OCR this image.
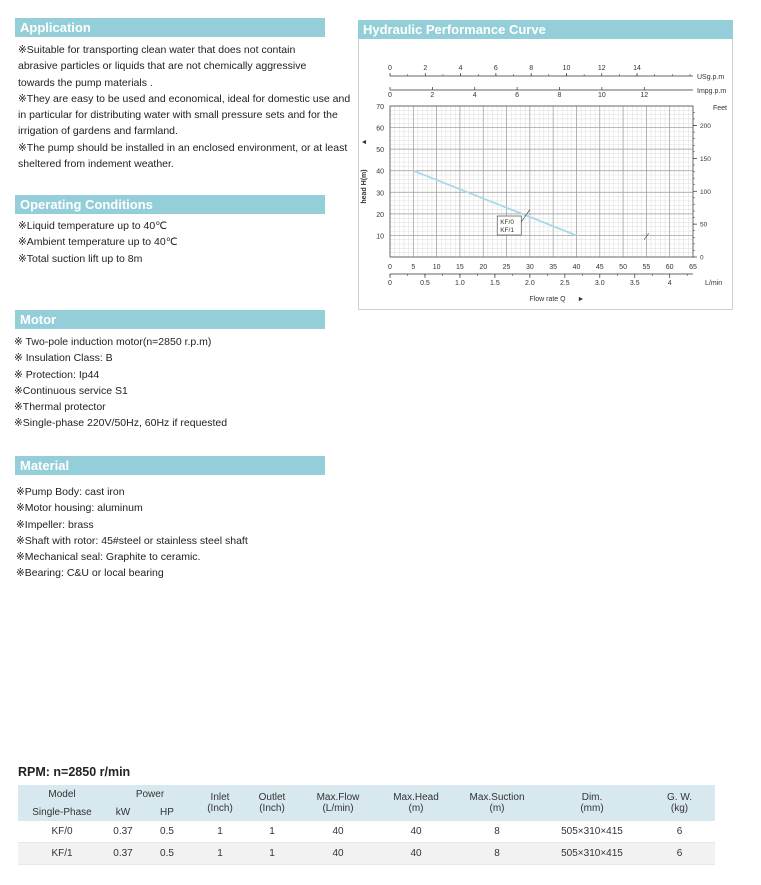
Application

※Suitable for transporting clean water that does not contain

abrasive particles or liquids that are not chemically aggressive

towards the pump materials .

※They are easy to be used and economical, ideal for domestic use and

in particular for distributing water with small pressure sets and for the

irrigation of gardens and farmland.

※The pump should be installed in an enclosed environment, or at least

sheltered from indement weather.

Operating Conditions

※Liquid temperature up to 40℃

※Ambient temperature up to 40℃

※Total suction lift up to 8m

Motor

※ Two-pole induction motor(n=2850 r.p.m)

※ Insulation Class: B

※ Protection: Ip44

※Continuous service S1

※Thermal protector

※Single-phase 220V/50Hz, 60Hz if requested

Material

※Pump Body: cast iron

※Motor housing: aluminum

※Impeller: brass

※Shaft with rotor: 45#steel or stainless steel shaft

※Mechanical seal: Graphite to ceramic.

※Bearing: C&U or local bearing

Hydraulic Performance Curve
10
20
30
40
50
60
70
head H(m)
▲
0	5 10 15 20 25 30 35 40 45 50 55 60 65
0	0.5	1.0	1.5	2.0	2.5	3.0	3.5	4	L/min
Flow rate Q ►
0	2	4	6	8	10	12	14
USg.p.m
0	2	4	6	8	10	12
Impg.p.m
0
50
100
150
200
Feet
KF/0
KF/1
RPM: n=2850 r/min
Model	Power		Inlet
(Inch)	Outlet
(Inch)	Max.Flow
(L/min)	Max.Head
(m)	Max.Suction
(m)	Dim.
(mm)	G. W.
(kg)
Single-Phase	kW	HP							
KF/0	0.37	0.5	1	1	40	40	8	505×310×415	6
KF/1	0.37	0.5	1	1	40	40	8	505×310×415	6
